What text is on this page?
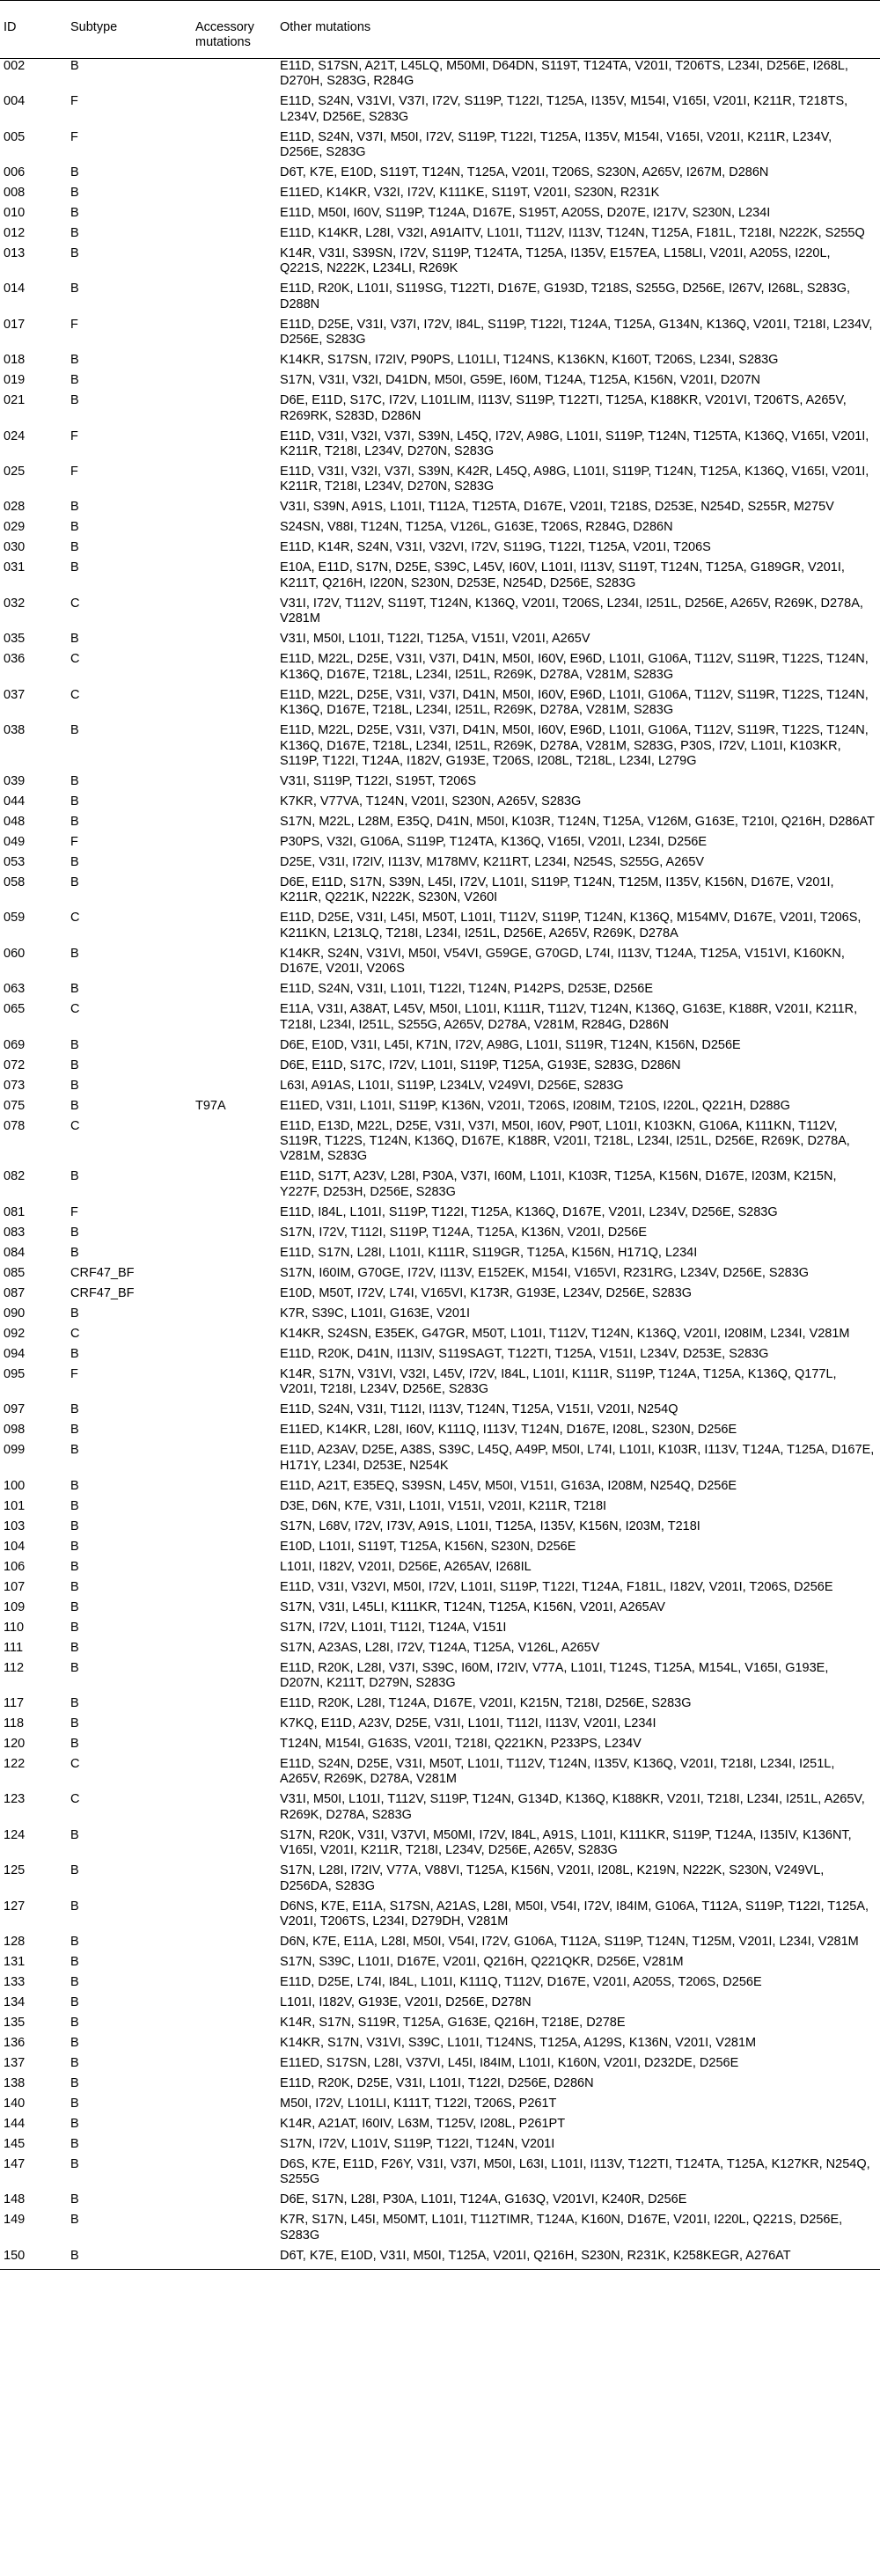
ID	Subtype	Accessory mutations	Other mutations
002	B		E11D, S17SN, A21T, L45LQ, M50MI, D64DN, S119T, T124TA, V201I, T206TS, L234I, D256E, I268L, D270H, S283G, R284G
004	F		E11D, S24N, V31VI, V37I, I72V, S119P, T122I, T125A, I135V, M154I, V165I, V201I, K211R, T218TS, L234V, D256E, S283G
005	F		E11D, S24N, V37I, M50I, I72V, S119P, T122I, T125A, I135V, M154I, V165I, V201I, K211R, L234V, D256E, S283G
006	B		D6T, K7E, E10D, S119T, T124N, T125A, V201I, T206S, S230N, A265V, I267M, D286N
008	B		E11ED, K14KR, V32I, I72V, K111KE, S119T, V201I, S230N, R231K
010	B		E11D, M50I, I60V, S119P, T124A, D167E, S195T, A205S, D207E, I217V, S230N, L234I
012	B		E11D, K14KR, L28I, V32I, A91AITV, L101I, T112V, I113V, T124N, T125A, F181L, T218I, N222K, S255Q
013	B		K14R, V31I, S39SN, I72V, S119P, T124TA, T125A, I135V, E157EA, L158LI, V201I, A205S, I220L, Q221S, N222K, L234LI, R269K
014	B		E11D, R20K, L101I, S119SG, T122TI, D167E, G193D, T218S, S255G, D256E, I267V, I268L, S283G, D288N
017	F		E11D, D25E, V31I, V37I, I72V, I84L, S119P, T122I, T124A, T125A, G134N, K136Q, V201I, T218I, L234V, D256E, S283G
018	B		K14KR, S17SN, I72IV, P90PS, L101LI, T124NS, K136KN, K160T, T206S, L234I, S283G
019	B		S17N, V31I, V32I, D41DN, M50I, G59E, I60M, T124A, T125A, K156N, V201I, D207N
021	B		D6E, E11D, S17C, I72V, L101LIM, I113V, S119P, T122TI, T125A, K188KR, V201VI, T206TS, A265V, R269RK, S283D, D286N
024	F		E11D, V31I, V32I, V37I, S39N, L45Q, I72V, A98G, L101I, S119P, T124N, T125TA, K136Q, V165I, V201I, K211R, T218I, L234V, D270N, S283G
025	F		E11D, V31I, V32I, V37I, S39N, K42R, L45Q, A98G, L101I, S119P, T124N, T125A, K136Q, V165I, V201I, K211R, T218I, L234V, D270N, S283G
028	B		V31I, S39N, A91S, L101I, T112A, T125TA, D167E, V201I, T218S, D253E, N254D, S255R, M275V
029	B		S24SN, V88I, T124N, T125A, V126L, G163E, T206S, R284G, D286N
030	B		E11D, K14R, S24N, V31I, V32VI, I72V, S119G, T122I, T125A, V201I, T206S
031	B		E10A, E11D, S17N, D25E, S39C, L45V, I60V, L101I, I113V, S119T, T124N, T125A, G189GR, V201I, K211T, Q216H, I220N, S230N, D253E, N254D, D256E, S283G
032	C		V31I, I72V, T112V, S119T, T124N, K136Q, V201I, T206S, L234I, I251L, D256E, A265V, R269K, D278A, V281M
035	B		V31I, M50I, L101I, T122I, T125A, V151I, V201I, A265V
036	C		E11D, M22L, D25E, V31I, V37I, D41N, M50I, I60V, E96D, L101I, G106A, T112V, S119R, T122S, T124N, K136Q, D167E, T218L, L234I, I251L, R269K, D278A, V281M, S283G
037	C		E11D, M22L, D25E, V31I, V37I, D41N, M50I, I60V, E96D, L101I, G106A, T112V, S119R, T122S, T124N, K136Q, D167E, T218L, L234I, I251L, R269K, D278A, V281M, S283G
038	B		E11D, M22L, D25E, V31I, V37I, D41N, M50I, I60V, E96D, L101I, G106A, T112V, S119R, T122S, T124N, K136Q, D167E, T218L, L234I, I251L, R269K, D278A, V281M, S283G, P30S, I72V, L101I, K103KR, S119P, T122I, T124A, I182V, G193E, T206S, I208L, T218L, L234I, L279G
039	B		V31I, S119P, T122I, S195T, T206S
044	B		K7KR, V77VA, T124N, V201I, S230N, A265V, S283G
048	B		S17N, M22L, L28M, E35Q, D41N, M50I, K103R, T124N, T125A, V126M, G163E, T210I, Q216H, D286AT
049	F		P30PS, V32I, G106A, S119P, T124TA, K136Q, V165I, V201I, L234I, D256E
053	B		D25E, V31I, I72IV, I113V, M178MV, K211RT, L234I, N254S, S255G, A265V
058	B		D6E, E11D, S17N, S39N, L45I, I72V, L101I, S119P, T124N, T125M, I135V, K156N, D167E, V201I, K211R, Q221K, N222K, S230N, V260I
059	C		E11D, D25E, V31I, L45I, M50T, L101I, T112V, S119P, T124N, K136Q, M154MV, D167E, V201I, T206S, K211KN, L213LQ, T218I, L234I, I251L, D256E, A265V, R269K, D278A
060	B		K14KR, S24N, V31VI, M50I, V54VI, G59GE, G70GD, L74I, I113V, T124A, T125A, V151VI, K160KN, D167E, V201I, V206S
063	B		E11D, S24N, V31I, L101I, T122I, T124N, P142PS, D253E, D256E
065	C		E11A, V31I, A38AT, L45V, M50I, L101I, K111R, T112V, T124N, K136Q, G163E, K188R, V201I, K211R, T218I, L234I, I251L, S255G, A265V, D278A, V281M, R284G, D286N
069	B		D6E, E10D, V31I, L45I, K71N, I72V, A98G, L101I, S119R, T124N, K156N, D256E
072	B		D6E, E11D, S17C, I72V, L101I, S119P, T125A, G193E, S283G, D286N
073	B		L63I, A91AS, L101I, S119P, L234LV, V249VI, D256E, S283G
075	B	T97A	E11ED, V31I, L101I, S119P, K136N, V201I, T206S, I208IM, T210S, I220L, Q221H, D288G
078	C		E11D, E13D, M22L, D25E, V31I, V37I, M50I, I60V, P90T, L101I, K103KN, G106A, K111KN, T112V, S119R, T122S, T124N, K136Q, D167E, K188R, V201I, T218L, L234I, I251L, D256E, R269K, D278A, V281M, S283G
082	B		E11D, S17T, A23V, L28I, P30A, V37I, I60M, L101I, K103R, T125A, K156N, D167E, I203M, K215N, Y227F, D253H, D256E, S283G
081	F		E11D, I84L, L101I, S119P, T122I, T125A, K136Q, D167E, V201I, L234V, D256E, S283G
083	B		S17N, I72V, T112I, S119P, T124A, T125A, K136N, V201I, D256E
084	B		E11D, S17N, L28I, L101I, K111R, S119GR, T125A, K156N, H171Q, L234I
085	CRF47_BF		S17N, I60IM, G70GE, I72V, I113V, E152EK, M154I, V165VI, R231RG, L234V, D256E, S283G
087	CRF47_BF		E10D, M50T, I72V, L74I, V165VI, K173R, G193E, L234V, D256E, S283G
090	B		K7R, S39C, L101I, G163E, V201I
092	C		K14KR, S24SN, E35EK, G47GR, M50T, L101I, T112V, T124N, K136Q, V201I, I208IM, L234I, V281M
094	B		E11D, R20K, D41N, I113IV, S119SAGT, T122TI, T125A, V151I, L234V, D253E, S283G
095	F		K14R, S17N, V31VI, V32I, L45V, I72V, I84L, L101I, K111R, S119P, T124A, T125A, K136Q, Q177L, V201I, T218I, L234V, D256E, S283G
097	B		E11D, S24N, V31I, T112I, I113V, T124N, T125A, V151I, V201I, N254Q
098	B		E11ED, K14KR, L28I, I60V, K111Q, I113V, T124N, D167E, I208L, S230N, D256E
099	B		E11D, A23AV, D25E, A38S, S39C, L45Q, A49P, M50I, L74I, L101I, K103R, I113V, T124A, T125A, D167E, H171Y, L234I, D253E, N254K
100	B		E11D, A21T, E35EQ, S39SN, L45V, M50I, V151I, G163A, I208M, N254Q, D256E
101	B		D3E, D6N, K7E, V31I, L101I, V151I, V201I, K211R, T218I
103	B		S17N, L68V, I72V, I73V, A91S, L101I, T125A, I135V, K156N, I203M, T218I
104	B		E10D, L101I, S119T, T125A, K156N, S230N, D256E
106	B		L101I, I182V, V201I, D256E, A265AV, I268IL
107	B		E11D, V31I, V32VI, M50I, I72V, L101I, S119P, T122I, T124A, F181L, I182V, V201I, T206S, D256E
109	B		S17N, V31I, L45LI, K111KR, T124N, T125A, K156N, V201I, A265AV
110	B		S17N, I72V, L101I, T112I, T124A, V151I
111	B		S17N, A23AS, L28I, I72V, T124A, T125A, V126L, A265V
112	B		E11D, R20K, L28I, V37I, S39C, I60M, I72IV, V77A, L101I, T124S, T125A, M154L, V165I, G193E, D207N, K211T, D279N, S283G
117	B		E11D, R20K, L28I, T124A, D167E, V201I, K215N, T218I, D256E, S283G
118	B		K7KQ, E11D, A23V, D25E, V31I, L101I, T112I, I113V, V201I, L234I
120	B		T124N, M154I, G163S, V201I, T218I, Q221KN, P233PS, L234V
122	C		E11D, S24N, D25E, V31I, M50T, L101I, T112V, T124N, I135V, K136Q, V201I, T218I, L234I, I251L, A265V, R269K, D278A, V281M
123	C		V31I, M50I, L101I, T112V, S119P, T124N, G134D, K136Q, K188KR, V201I, T218I, L234I, I251L, A265V, R269K, D278A, S283G
124	B		S17N, R20K, V31I, V37VI, M50MI, I72V, I84L, A91S, L101I, K111KR, S119P, T124A, I135IV, K136NT, V165I, V201I, K211R, T218I, L234V, D256E, A265V, S283G
125	B		S17N, L28I, I72IV, V77A, V88VI, T125A, K156N, V201I, I208L, K219N, N222K, S230N, V249VL, D256DA, S283G
127	B		D6NS, K7E, E11A, S17SN, A21AS, L28I, M50I, V54I, I72V, I84IM, G106A, T112A, S119P, T122I, T125A, V201I, T206TS, L234I, D279DH, V281M
128	B		D6N, K7E, E11A, L28I, M50I, V54I, I72V, G106A, T112A, S119P, T124N, T125M, V201I, L234I, V281M
131	B		S17N, S39C, L101I, D167E, V201I, Q216H, Q221QKR, D256E, V281M
133	B		E11D, D25E, L74I, I84L, L101I, K111Q, T112V, D167E, V201I, A205S, T206S, D256E
134	B		L101I, I182V, G193E, V201I, D256E, D278N
135	B		K14R, S17N, S119R, T125A, G163E, Q216H, T218E, D278E
136	B		K14KR, S17N, V31VI, S39C, L101I, T124NS, T125A, A129S, K136N, V201I, V281M
137	B		E11ED, S17SN, L28I, V37VI, L45I, I84IM, L101I, K160N, V201I, D232DE, D256E
138	B		E11D, R20K, D25E, V31I, L101I, T122I, D256E, D286N
140	B		M50I, I72V, L101LI, K111T, T122I, T206S, P261T
144	B		K14R, A21AT, I60IV, L63M, T125V, I208L, P261PT
145	B		S17N, I72V, L101V, S119P, T122I, T124N, V201I
147	B		D6S, K7E, E11D, F26Y, V31I, V37I, M50I, L63I, L101I, I113V, T122TI, T124TA, T125A, K127KR, N254Q, S255G
148	B		D6E, S17N, L28I, P30A, L101I, T124A, G163Q, V201VI, K240R, D256E
149	B		K7R, S17N, L45I, M50MT, L101I, T112TIMR, T124A, K160N, D167E, V201I, I220L, Q221S, D256E, S283G
150	B		D6T, K7E, E10D, V31I, M50I, T125A, V201I, Q216H, S230N, R231K, K258KEGR, A276AT
